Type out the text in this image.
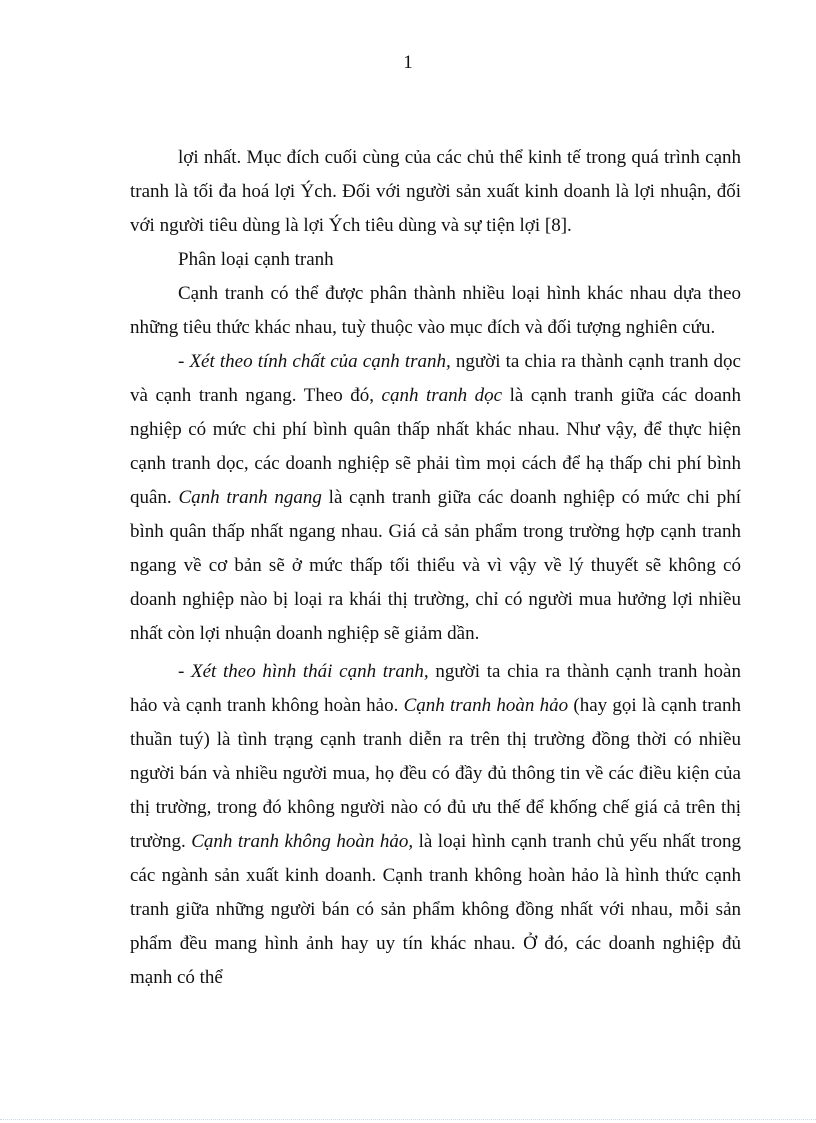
1

lợi nhất. Mục đích cuối cùng của các chủ thể kinh tế trong quá trình cạnh tranh là tối đa hoá lợi Ých. Đối với người sản xuất kinh doanh là lợi nhuận, đối với người tiêu dùng là lợi Ých tiêu dùng và sự tiện lợi [8].

Phân loại cạnh tranh

Cạnh tranh có thể được phân thành nhiều loại hình khác nhau dựa theo những tiêu thức khác nhau, tuỳ thuộc vào mục đích và đối tượng nghiên cứu.

- Xét theo tính chất của cạnh tranh, người ta chia ra thành cạnh tranh dọc và cạnh tranh ngang. Theo đó, cạnh tranh dọc là cạnh tranh giữa các doanh nghiệp có mức chi phí bình quân thấp nhất khác nhau. Như vậy, để thực hiện cạnh tranh dọc, các doanh nghiệp sẽ phải tìm mọi cách để hạ thấp chi phí bình quân. Cạnh tranh ngang là cạnh tranh giữa các doanh nghiệp có mức chi phí bình quân thấp nhất ngang nhau. Giá cả sản phẩm trong trường hợp cạnh tranh ngang về cơ bản sẽ ở mức thấp tối thiểu và vì vậy về lý thuyết sẽ không có doanh nghiệp nào bị loại ra khái thị trường, chỉ có người mua hưởng lợi nhiều nhất còn lợi nhuận doanh nghiệp sẽ giảm dần.

- Xét theo hình thái cạnh tranh, người ta chia ra thành cạnh tranh hoàn hảo và cạnh tranh không hoàn hảo. Cạnh tranh hoàn hảo (hay gọi là cạnh tranh thuần tuý) là tình trạng cạnh tranh diễn ra trên thị trường đồng thời có nhiều người bán và nhiều người mua, họ đều có đầy đủ thông tin về các điều kiện của thị trường, trong đó không người nào có đủ ưu thế để khống chế giá cả trên thị trường. Cạnh tranh không hoàn hảo, là loại hình cạnh tranh chủ yếu nhất trong các ngành sản xuất kinh doanh. Cạnh tranh không hoàn hảo là hình thức cạnh tranh giữa những người bán có sản phẩm không đồng nhất với nhau, mỗi sản phẩm đều mang hình ảnh hay uy tín khác nhau. Ở đó, các doanh nghiệp đủ mạnh có thể
